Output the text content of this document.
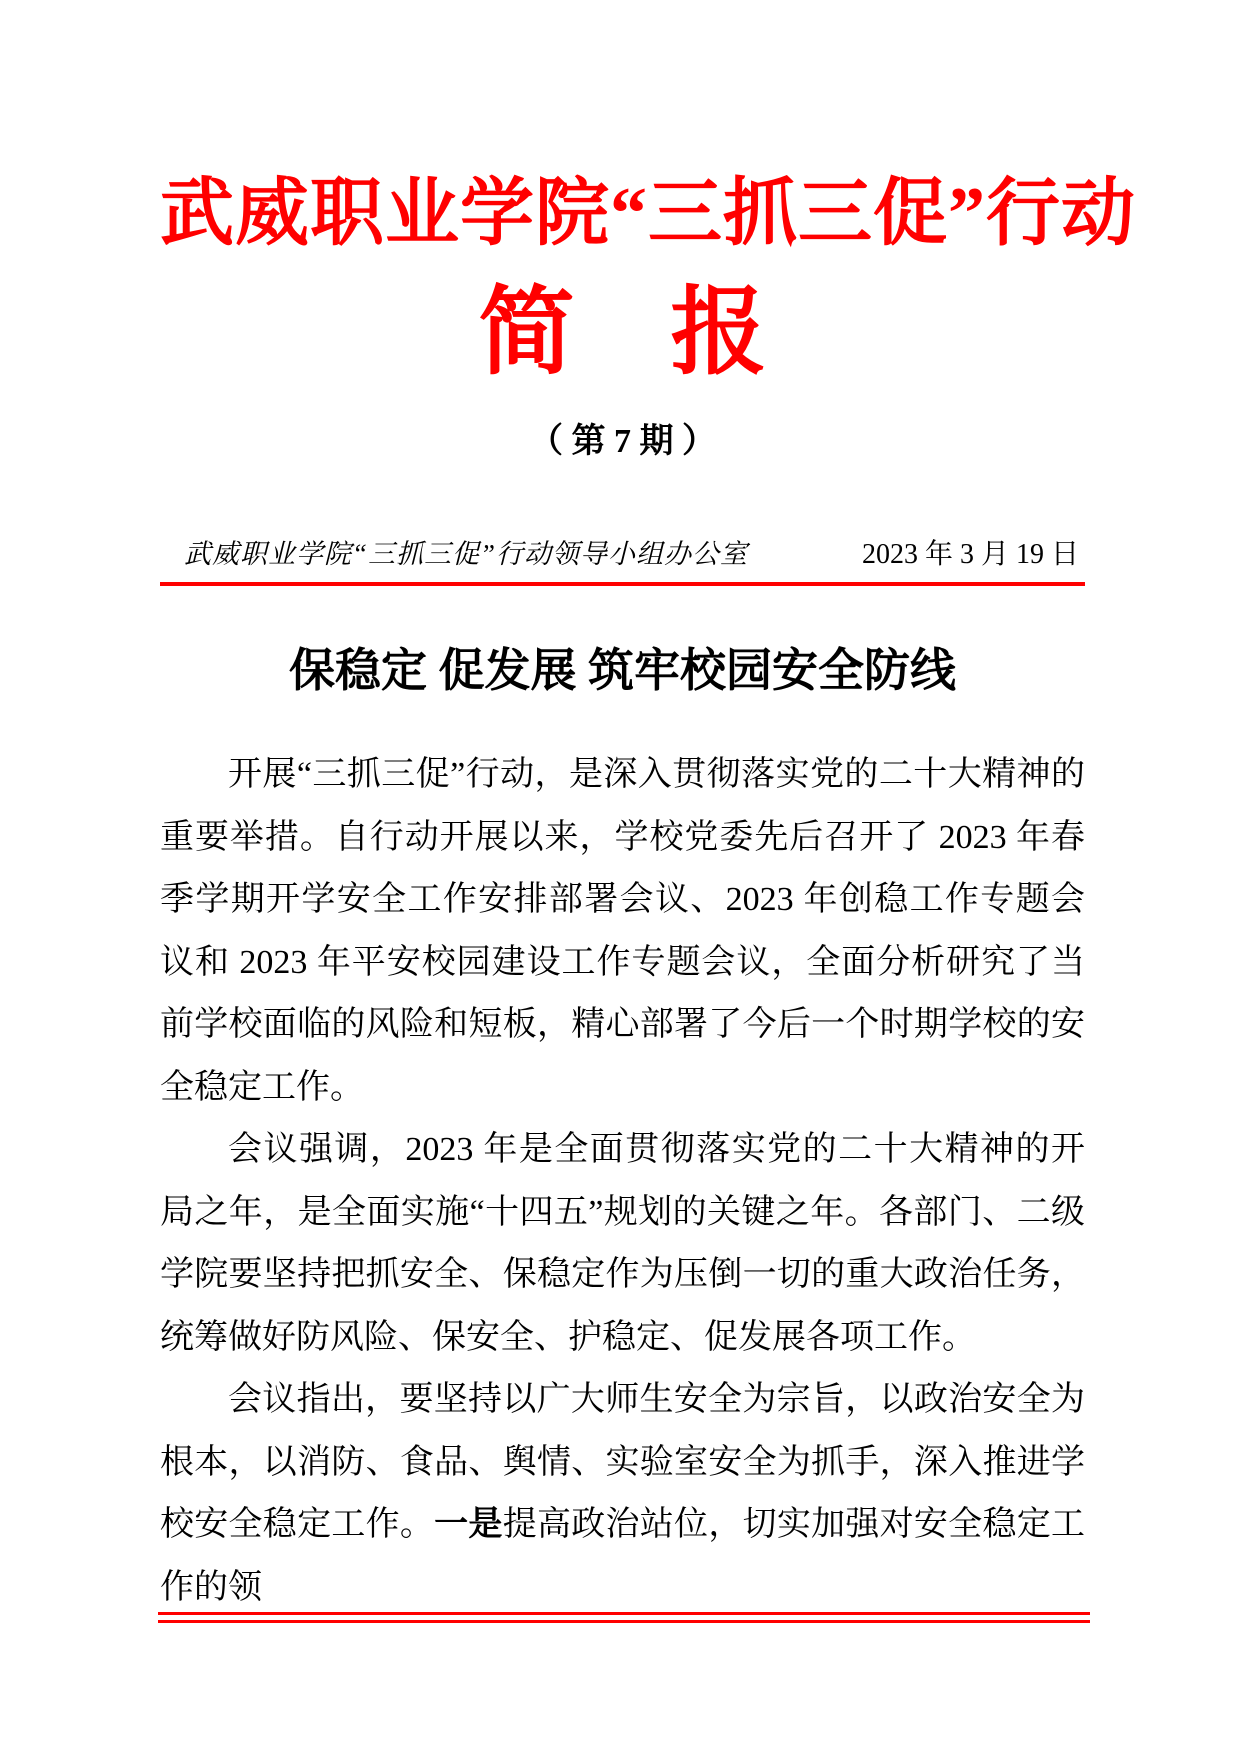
武威职业学院“三抓三促”行动
简　报
（ 第 7 期 ）
武威职业学院“三抓三促”行动领导小组办公室	2023 年 3 月 19 日
保稳定 促发展 筑牢校园安全防线

开展“三抓三促”行动，是深入贯彻落实党的二十大精神的重要举措。自行动开展以来，学校党委先后召开了 2023 年春季学期开学安全工作安排部署会议、2023 年创稳工作专题会议和 2023 年平安校园建设工作专题会议，全面分析研究了当前学校面临的风险和短板，精心部署了今后一个时期学校的安全稳定工作。

会议强调，2023 年是全面贯彻落实党的二十大精神的开局之年，是全面实施“十四五”规划的关键之年。各部门、二级学院要坚持把抓安全、保稳定作为压倒一切的重大政治任务，统筹做好防风险、保安全、护稳定、促发展各项工作。

会议指出，要坚持以广大师生安全为宗旨，以政治安全为根本，以消防、食品、舆情、实验室安全为抓手，深入推进学校安全稳定工作。一是提高政治站位，切实加强对安全稳定工作的领
